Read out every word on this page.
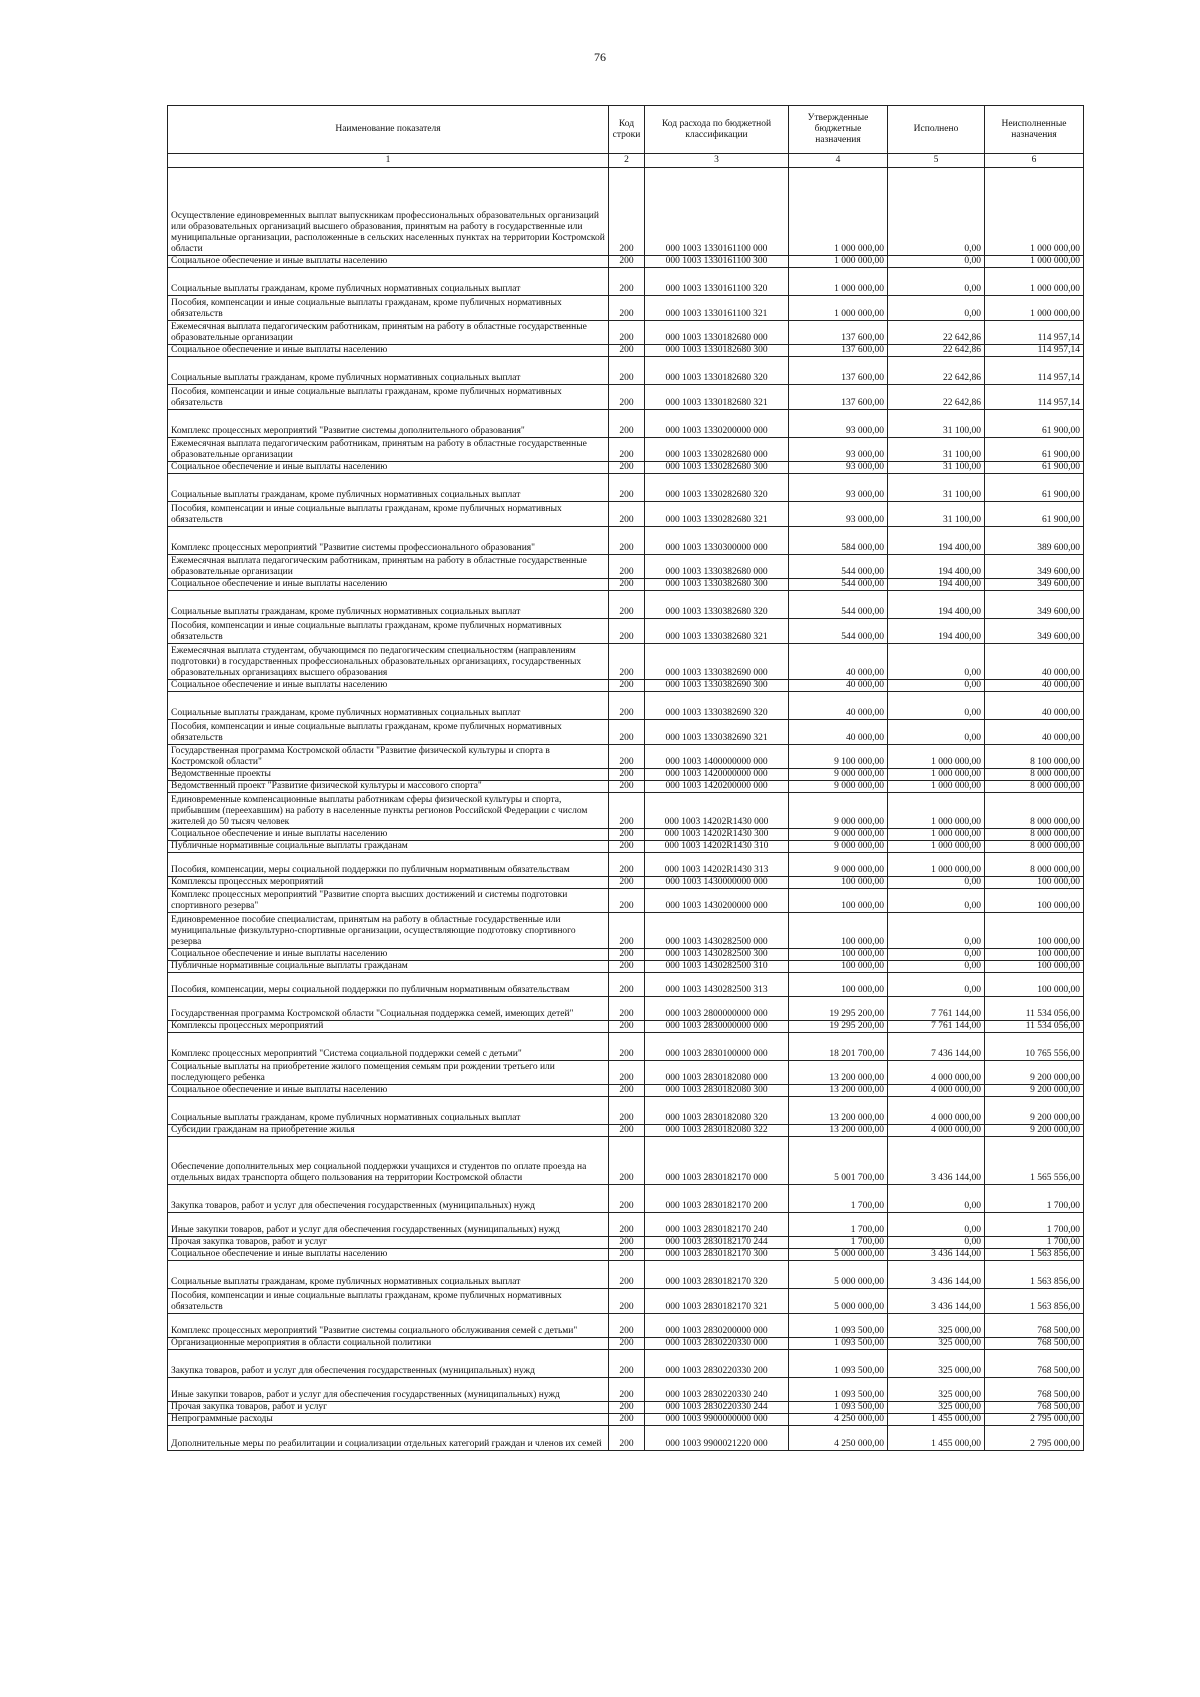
76
Наименование показателя	Код строки	Код расхода по бюджетной классификации	Утвержденные бюджетные назначения	Исполнено	Неисполненные назначения
1	2	3	4	5	6
Осуществление единовременных выплат выпускникам профессиональных образовательных организаций или образовательных организаций высшего образования, принятым на работу в государственные или муниципальные организации, расположенные в сельских населенных пунктах на территории Костромской области	200	000 1003 1330161100 000	1 000 000,00	0,00	1 000 000,00
Социальное обеспечение и иные выплаты населению	200	000 1003 1330161100 300	1 000 000,00	0,00	1 000 000,00
Социальные выплаты гражданам, кроме публичных нормативных социальных выплат	200	000 1003 1330161100 320	1 000 000,00	0,00	1 000 000,00
Пособия, компенсации и иные социальные выплаты гражданам, кроме публичных нормативных обязательств	200	000 1003 1330161100 321	1 000 000,00	0,00	1 000 000,00
Ежемесячная выплата педагогическим работникам, принятым на работу в областные государственные образовательные организации	200	000 1003 1330182680 000	137 600,00	22 642,86	114 957,14
Социальное обеспечение и иные выплаты населению	200	000 1003 1330182680 300	137 600,00	22 642,86	114 957,14
Социальные выплаты гражданам, кроме публичных нормативных социальных выплат	200	000 1003 1330182680 320	137 600,00	22 642,86	114 957,14
Пособия, компенсации и иные социальные выплаты гражданам, кроме публичных нормативных обязательств	200	000 1003 1330182680 321	137 600,00	22 642,86	114 957,14
Комплекс процессных мероприятий "Развитие системы дополнительного образования"	200	000 1003 1330200000 000	93 000,00	31 100,00	61 900,00
Ежемесячная выплата педагогическим работникам, принятым на работу в областные государственные образовательные организации	200	000 1003 1330282680 000	93 000,00	31 100,00	61 900,00
Социальное обеспечение и иные выплаты населению	200	000 1003 1330282680 300	93 000,00	31 100,00	61 900,00
Социальные выплаты гражданам, кроме публичных нормативных социальных выплат	200	000 1003 1330282680 320	93 000,00	31 100,00	61 900,00
Пособия, компенсации и иные социальные выплаты гражданам, кроме публичных нормативных обязательств	200	000 1003 1330282680 321	93 000,00	31 100,00	61 900,00
Комплекс процессных мероприятий "Развитие системы профессионального образования"	200	000 1003 1330300000 000	584 000,00	194 400,00	389 600,00
Ежемесячная выплата педагогическим работникам, принятым на работу в областные государственные образовательные организации	200	000 1003 1330382680 000	544 000,00	194 400,00	349 600,00
Социальное обеспечение и иные выплаты населению	200	000 1003 1330382680 300	544 000,00	194 400,00	349 600,00
Социальные выплаты гражданам, кроме публичных нормативных социальных выплат	200	000 1003 1330382680 320	544 000,00	194 400,00	349 600,00
Пособия, компенсации и иные социальные выплаты гражданам, кроме публичных нормативных обязательств	200	000 1003 1330382680 321	544 000,00	194 400,00	349 600,00
Ежемесячная выплата студентам, обучающимся по педагогическим специальностям (направлениям подготовки) в государственных профессиональных образовательных организациях, государственных образовательных организациях высшего образования	200	000 1003 1330382690 000	40 000,00	0,00	40 000,00
Социальное обеспечение и иные выплаты населению	200	000 1003 1330382690 300	40 000,00	0,00	40 000,00
Социальные выплаты гражданам, кроме публичных нормативных социальных выплат	200	000 1003 1330382690 320	40 000,00	0,00	40 000,00
Пособия, компенсации и иные социальные выплаты гражданам, кроме публичных нормативных обязательств	200	000 1003 1330382690 321	40 000,00	0,00	40 000,00
Государственная программа Костромской области "Развитие физической культуры и спорта в Костромской области"	200	000 1003 1400000000 000	9 100 000,00	1 000 000,00	8 100 000,00
Ведомственные проекты	200	000 1003 1420000000 000	9 000 000,00	1 000 000,00	8 000 000,00
Ведомственный проект "Развитие физической культуры и массового спорта"	200	000 1003 1420200000 000	9 000 000,00	1 000 000,00	8 000 000,00
Единовременные компенсационные выплаты работникам сферы физической культуры и спорта, прибывшим (переехавшим) на работу в населенные пункты регионов Российской Федерации с числом жителей до 50 тысяч человек	200	000 1003 14202R1430 000	9 000 000,00	1 000 000,00	8 000 000,00
Социальное обеспечение и иные выплаты населению	200	000 1003 14202R1430 300	9 000 000,00	1 000 000,00	8 000 000,00
Публичные нормативные социальные выплаты гражданам	200	000 1003 14202R1430 310	9 000 000,00	1 000 000,00	8 000 000,00
Пособия, компенсации, меры социальной поддержки по публичным нормативным обязательствам	200	000 1003 14202R1430 313	9 000 000,00	1 000 000,00	8 000 000,00
Комплексы процессных мероприятий	200	000 1003 1430000000 000	100 000,00	0,00	100 000,00
Комплекс процессных мероприятий "Развитие спорта высших достижений и системы подготовки спортивного резерва"	200	000 1003 1430200000 000	100 000,00	0,00	100 000,00
Единовременное пособие специалистам, принятым на работу в областные государственные или муниципальные физкультурно-спортивные организации, осуществляющие подготовку спортивного резерва	200	000 1003 1430282500 000	100 000,00	0,00	100 000,00
Социальное обеспечение и иные выплаты населению	200	000 1003 1430282500 300	100 000,00	0,00	100 000,00
Публичные нормативные социальные выплаты гражданам	200	000 1003 1430282500 310	100 000,00	0,00	100 000,00
Пособия, компенсации, меры социальной поддержки по публичным нормативным обязательствам	200	000 1003 1430282500 313	100 000,00	0,00	100 000,00
Государственная программа Костромской области "Социальная поддержка семей, имеющих детей"	200	000 1003 2800000000 000	19 295 200,00	7 761 144,00	11 534 056,00
Комплексы процессных мероприятий	200	000 1003 2830000000 000	19 295 200,00	7 761 144,00	11 534 056,00
Комплекс процессных мероприятий "Система социальной поддержки семей с детьми"	200	000 1003 2830100000 000	18 201 700,00	7 436 144,00	10 765 556,00
Социальные выплаты на приобретение жилого помещения семьям при рождении третьего или последующего ребенка	200	000 1003 2830182080 000	13 200 000,00	4 000 000,00	9 200 000,00
Социальное обеспечение и иные выплаты населению	200	000 1003 2830182080 300	13 200 000,00	4 000 000,00	9 200 000,00
Социальные выплаты гражданам, кроме публичных нормативных социальных выплат	200	000 1003 2830182080 320	13 200 000,00	4 000 000,00	9 200 000,00
Субсидии гражданам на приобретение жилья	200	000 1003 2830182080 322	13 200 000,00	4 000 000,00	9 200 000,00
Обеспечение дополнительных мер социальной поддержки учащихся и студентов по оплате проезда на отдельных видах транспорта общего пользования на территории Костромской области	200	000 1003 2830182170 000	5 001 700,00	3 436 144,00	1 565 556,00
Закупка товаров, работ и услуг для обеспечения государственных (муниципальных) нужд	200	000 1003 2830182170 200	1 700,00	0,00	1 700,00
Иные закупки товаров, работ и услуг для обеспечения государственных (муниципальных) нужд	200	000 1003 2830182170 240	1 700,00	0,00	1 700,00
Прочая закупка товаров, работ и услуг	200	000 1003 2830182170 244	1 700,00	0,00	1 700,00
Социальное обеспечение и иные выплаты населению	200	000 1003 2830182170 300	5 000 000,00	3 436 144,00	1 563 856,00
Социальные выплаты гражданам, кроме публичных нормативных социальных выплат	200	000 1003 2830182170 320	5 000 000,00	3 436 144,00	1 563 856,00
Пособия, компенсации и иные социальные выплаты гражданам, кроме публичных нормативных обязательств	200	000 1003 2830182170 321	5 000 000,00	3 436 144,00	1 563 856,00
Комплекс процессных мероприятий "Развитие системы социального обслуживания семей с детьми"	200	000 1003 2830200000 000	1 093 500,00	325 000,00	768 500,00
Организационные мероприятия в области социальной политики	200	000 1003 2830220330 000	1 093 500,00	325 000,00	768 500,00
Закупка товаров, работ и услуг для обеспечения государственных (муниципальных) нужд	200	000 1003 2830220330 200	1 093 500,00	325 000,00	768 500,00
Иные закупки товаров, работ и услуг для обеспечения государственных (муниципальных) нужд	200	000 1003 2830220330 240	1 093 500,00	325 000,00	768 500,00
Прочая закупка товаров, работ и услуг	200	000 1003 2830220330 244	1 093 500,00	325 000,00	768 500,00
Непрограммные расходы	200	000 1003 9900000000 000	4 250 000,00	1 455 000,00	2 795 000,00
Дополнительные меры по реабилитации и социализации отдельных категорий граждан и членов их семей	200	000 1003 9900021220 000	4 250 000,00	1 455 000,00	2 795 000,00
